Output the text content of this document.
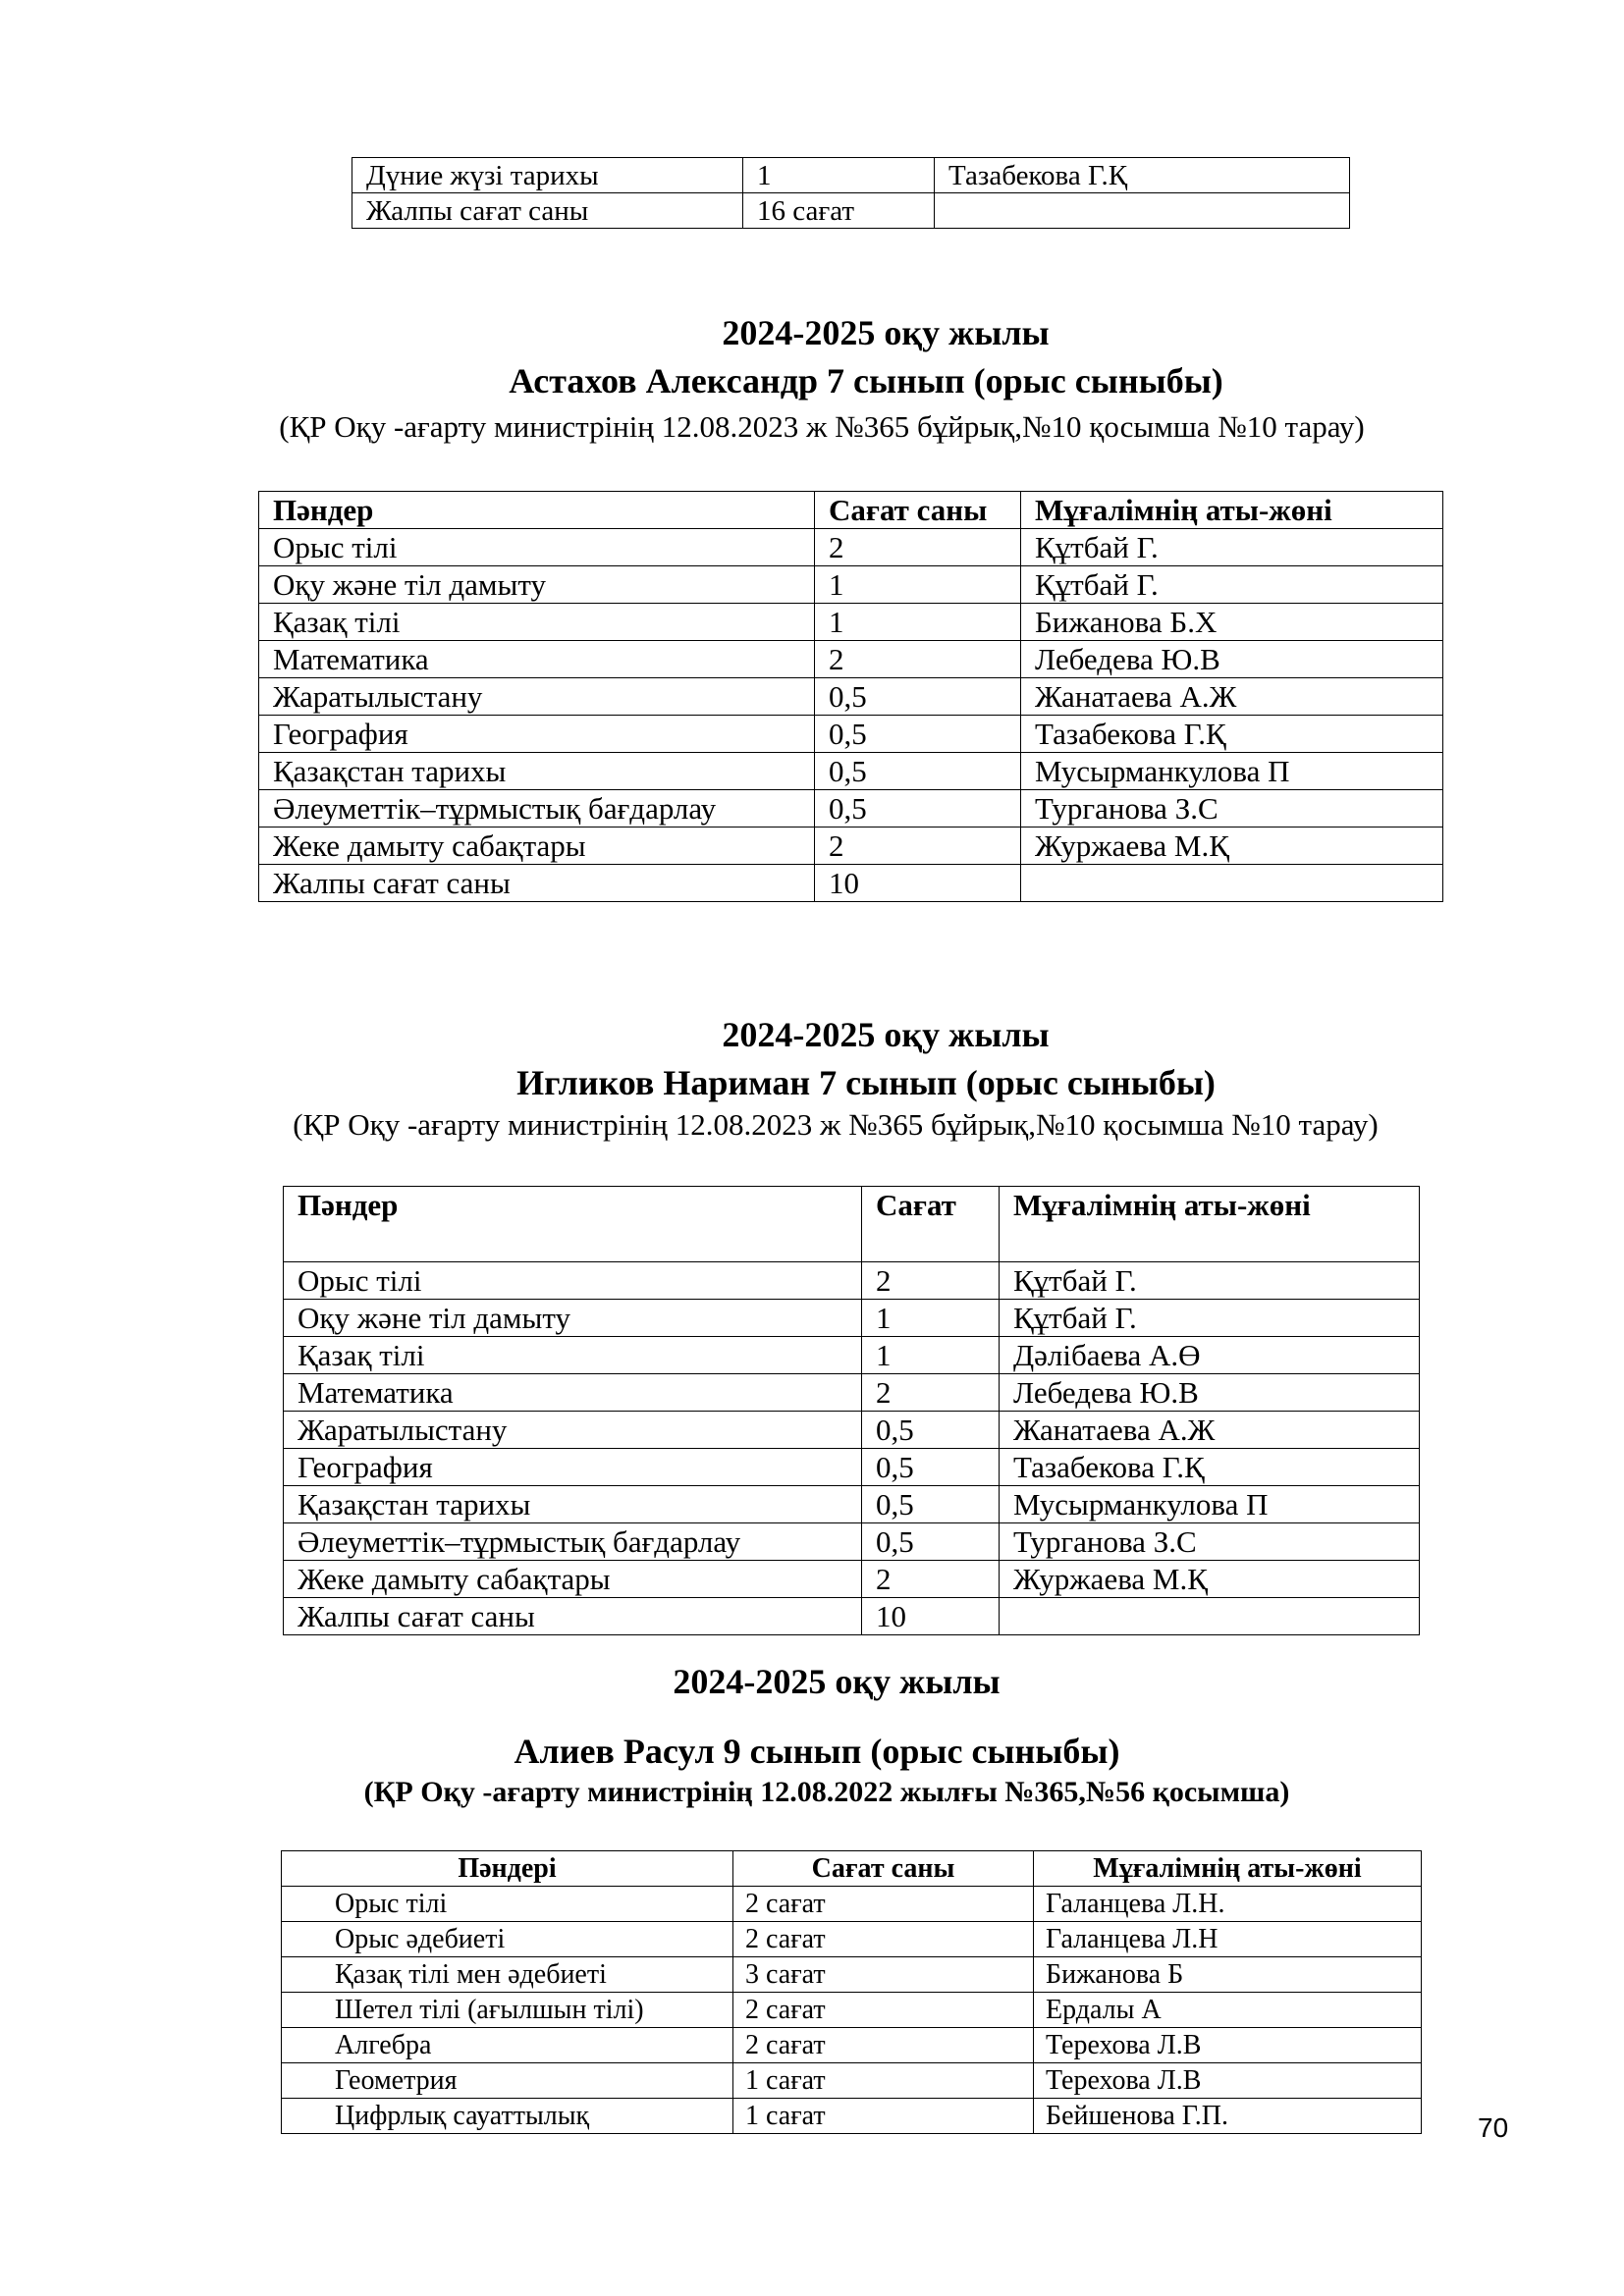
Дүние жүзі тарихы	1	Тазабекова Г.Қ
Жалпы сағат саны	16 сағат	
2024-2025 оқу жылы
Астахов Александр 7 сынып (орыс сыныбы)
(ҚР Оқу -ағарту министрінің 12.08.2023 ж №365 бұйрық,№10 қосымша №10 тарау)
Пәндер	Сағат саны	Мұғалімнің аты-жөні
Орыс тілі	2	Құтбай Г.
Оқу және тіл дамыту	1	Құтбай Г.
Қазақ тілі	1	Бижанова Б.Х
Математика	2	Лебедева Ю.В
Жаратылыстану	0,5	Жанатаева А.Ж
География	0,5	Тазабекова Г.Қ
Қазақстан тарихы	0,5	Мусырманкулова П
Әлеуметтік–тұрмыстық бағдарлау	0,5	Турганова З.С
Жеке дамыту сабақтары	2	Журжаева М.Қ
Жалпы сағат саны	10	
2024-2025 оқу жылы
Игликов Нариман 7 сынып (орыс сыныбы)
(ҚР Оқу -ағарту министрінің 12.08.2023 ж №365 бұйрық,№10 қосымша №10 тарау)
Пәндер	Сағат	Мұғалімнің аты-жөні
Орыс тілі	2	Құтбай Г.
Оқу және тіл дамыту	1	Құтбай Г.
Қазақ тілі	1	Дәлібаева А.Ө
Математика	2	Лебедева Ю.В
Жаратылыстану	0,5	Жанатаева А.Ж
География	0,5	Тазабекова Г.Қ
Қазақстан тарихы	0,5	Мусырманкулова П
Әлеуметтік–тұрмыстық бағдарлау	0,5	Турганова З.С
Жеке дамыту сабақтары	2	Журжаева М.Қ
Жалпы сағат саны	10	
2024-2025 оқу жылы
Алиев Расул 9 сынып (орыс сыныбы)
(ҚР Оқу -ағарту министрінің 12.08.2022 жылғы №365,№56 қосымша)
Пәндері	Сағат саны	Мұғалімнің аты-жөні
Орыс тілі	2 сағат	Галанцева Л.Н.
Орыс әдебиеті	2 сағат	Галанцева Л.Н
Қазақ тілі мен әдебиеті	3 сағат	Бижанова Б
Шетел тілі (ағылшын тілі)	2 сағат	Ердалы А
Алгебра	2 сағат	Терехова Л.В
Геометрия	1 сағат	Терехова Л.В
Цифрлық сауаттылық	1 сағат	Бейшенова Г.П.	70
